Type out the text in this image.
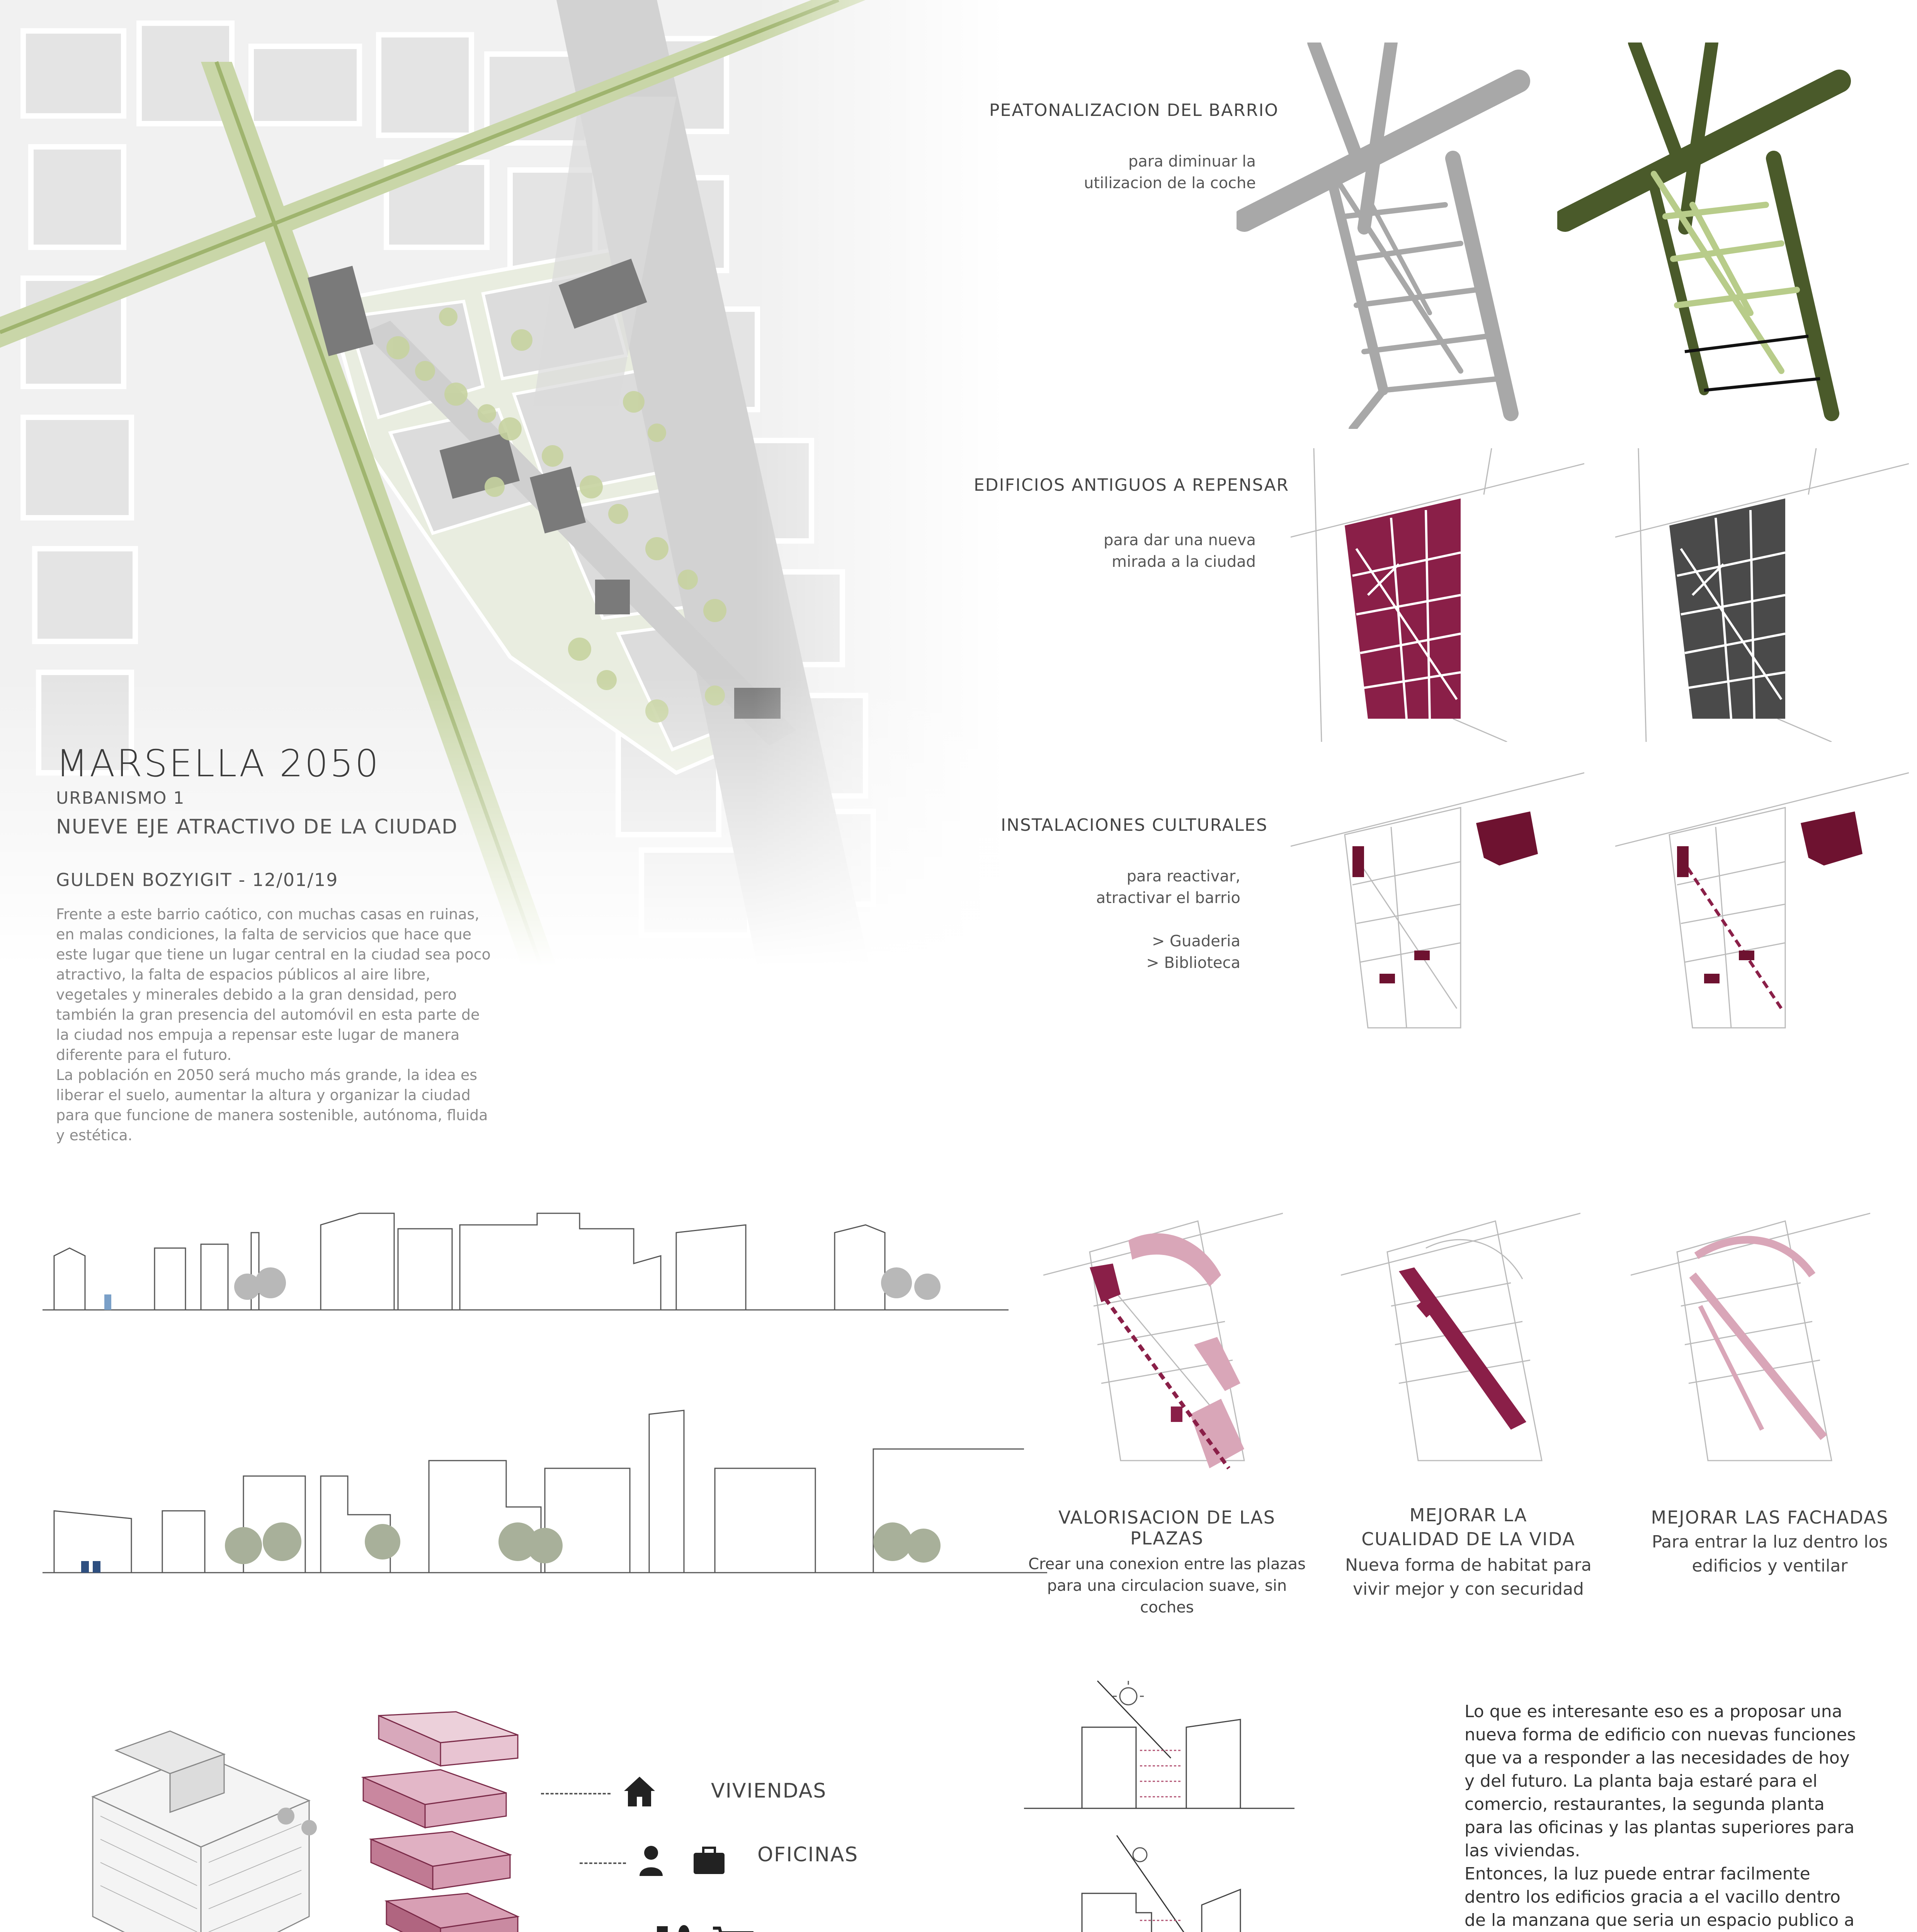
MARSELLA 2050
URBANISMO 1
NUEVE EJE ATRACTIVO DE LA CIUDAD
GULDEN BOZYIGIT - 12/01/19
Frente a este barrio caótico, con muchas casas en ruinas, en malas condiciones, la falta de servicios que hace que este lugar que tiene un lugar central en la ciudad sea poco atractivo, la falta de espacios públicos al aire libre, vegetales y minerales debido a la gran densidad, pero también la gran presencia del automóvil en esta parte de la ciudad nos empuja a repensar este lugar de manera diferente para el futuro.
La población en 2050 será mucho más grande, la idea es liberar el suelo, aumentar la altura y organizar la ciudad para que funcione de manera sostenible, autónoma, fluida y estética.
PEATONALIZACION DEL BARRIO
para diminuar la
utilizacion de la coche
EDIFICIOS ANTIGUOS A REPENSAR
para dar una nueva
mirada a la ciudad
INSTALACIONES CULTURALES
para reactivar,
atractivar el barrio

> Guaderia
> Biblioteca
VALORISACION DE LAS PLAZAS
Crear una conexion entre las plazas
para una circulacion suave, sin coches
MEJORAR LA
CUALIDAD DE LA VIDA
Nueva forma de habitat para
vivir mejor y con securidad
MEJORAR LAS FACHADAS
Para entrar la luz dentro los
edificios y ventilar
VIVIENDAS
OFICINAS
Lo que es interesante eso es a proposar una nueva forma de edificio con nuevas funciones que va a responder a las necesidades de hoy y del futuro. La planta baja estaré para el comercio, restaurantes, la segunda planta para las oficinas y las plantas superiores para las viviendas.
Entonces, la luz puede entrar facilmente dentro los edificios gracia a el vacillo dentro de la manzana que seria un espacio publico a
